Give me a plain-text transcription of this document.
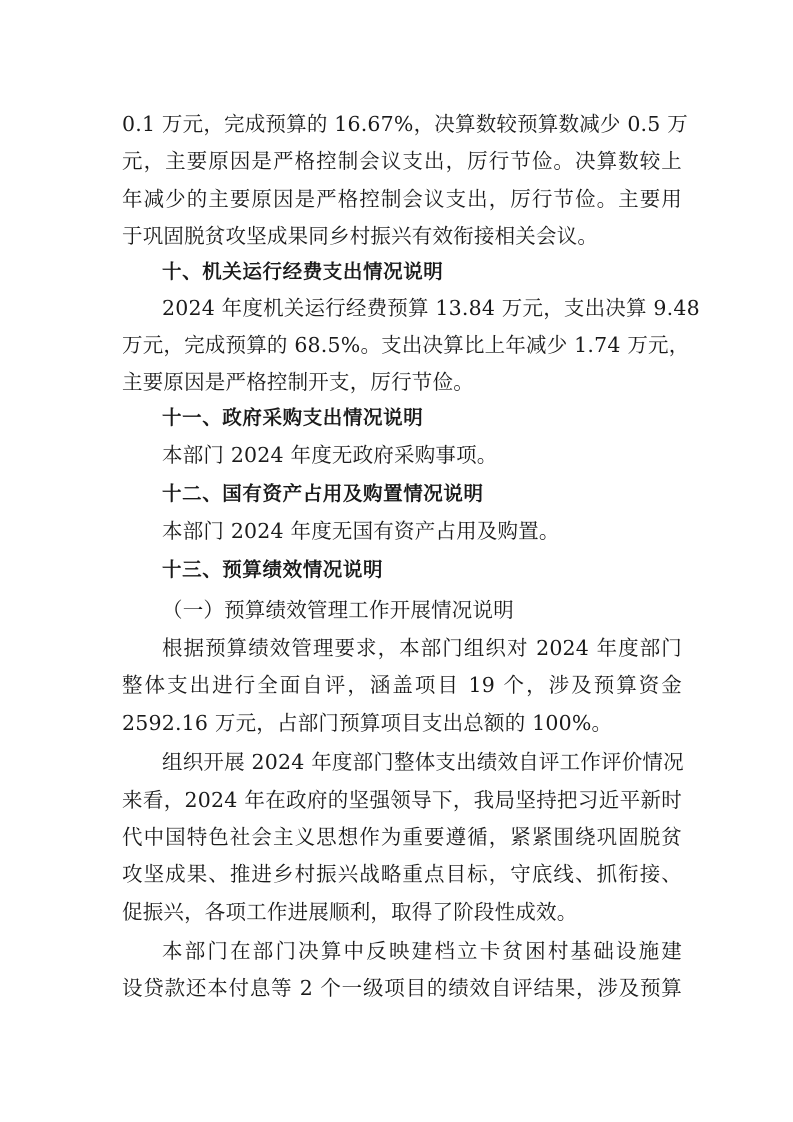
0.1 万元，完成预算的 16.67%，决算数较预算数减少 0.5 万
元，主要原因是严格控制会议支出，厉行节俭。决算数较上
年减少的主要原因是严格控制会议支出，厉行节俭。主要用
于巩固脱贫攻坚成果同乡村振兴有效衔接相关会议。
十、机关运行经费支出情况说明
2024 年度机关运行经费预算 13.84 万元，支出决算 9.48
万元，完成预算的 68.5%。支出决算比上年减少 1.74 万元，
主要原因是严格控制开支，厉行节俭。
十一、政府采购支出情况说明
本部门 2024 年度无政府采购事项。
十二、国有资产占用及购置情况说明
本部门 2024 年度无国有资产占用及购置。
十三、预算绩效情况说明
（一）预算绩效管理工作开展情况说明
根据预算绩效管理要求，本部门组织对 2024 年度部门
整体支出进行全面自评，涵盖项目 19 个，涉及预算资金
2592.16 万元，占部门预算项目支出总额的 100%。
组织开展 2024 年度部门整体支出绩效自评工作评价情况
来看，2024 年在政府的坚强领导下，我局坚持把习近平新时
代中国特色社会主义思想作为重要遵循，紧紧围绕巩固脱贫
攻坚成果、推进乡村振兴战略重点目标，守底线、抓衔接、
促振兴，各项工作进展顺利，取得了阶段性成效。
本部门在部门决算中反映建档立卡贫困村基础设施建
设贷款还本付息等 2 个一级项目的绩效自评结果，涉及预算
